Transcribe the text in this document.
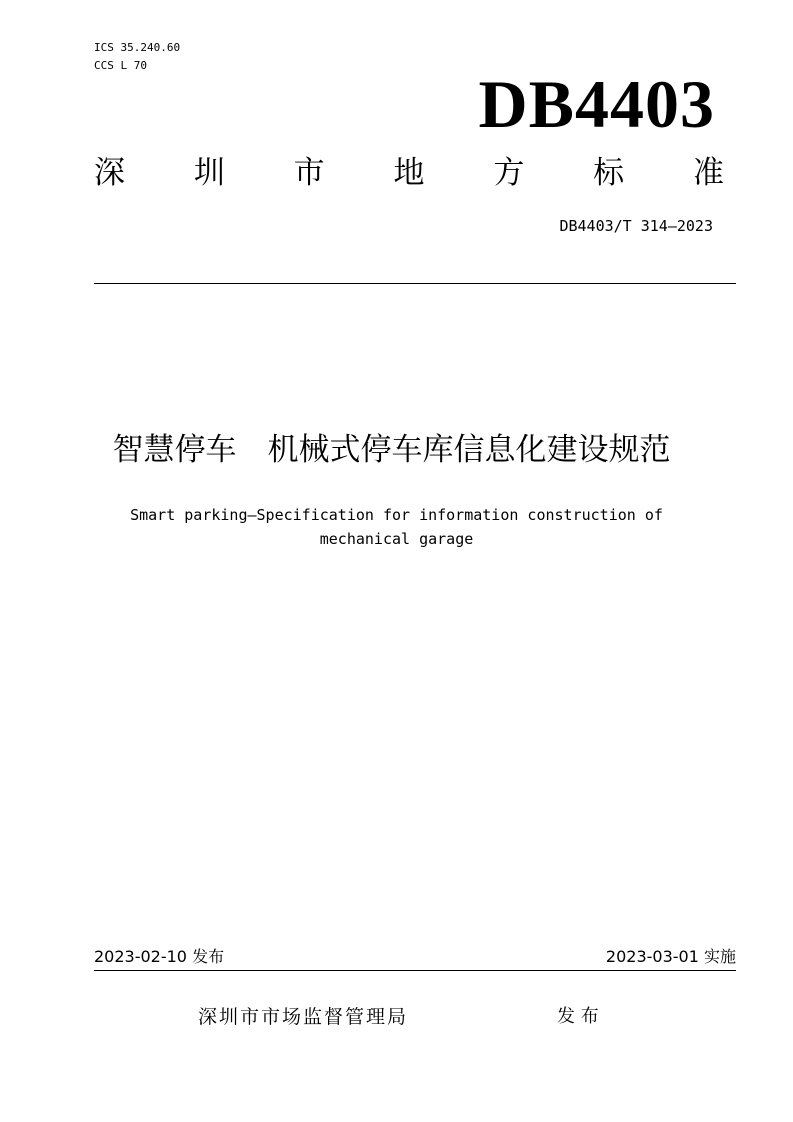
ICS 35.240.60
CCS L 70
DB4403
深 圳 市 地 方 标 准
DB4403/T 314—2023
智慧停车　机械式停车库信息化建设规范
Smart parking—Specification for information construction of
mechanical garage
2023-02-10 发布	2023-03-01 实施
深圳市市场监督管理局	发 布
